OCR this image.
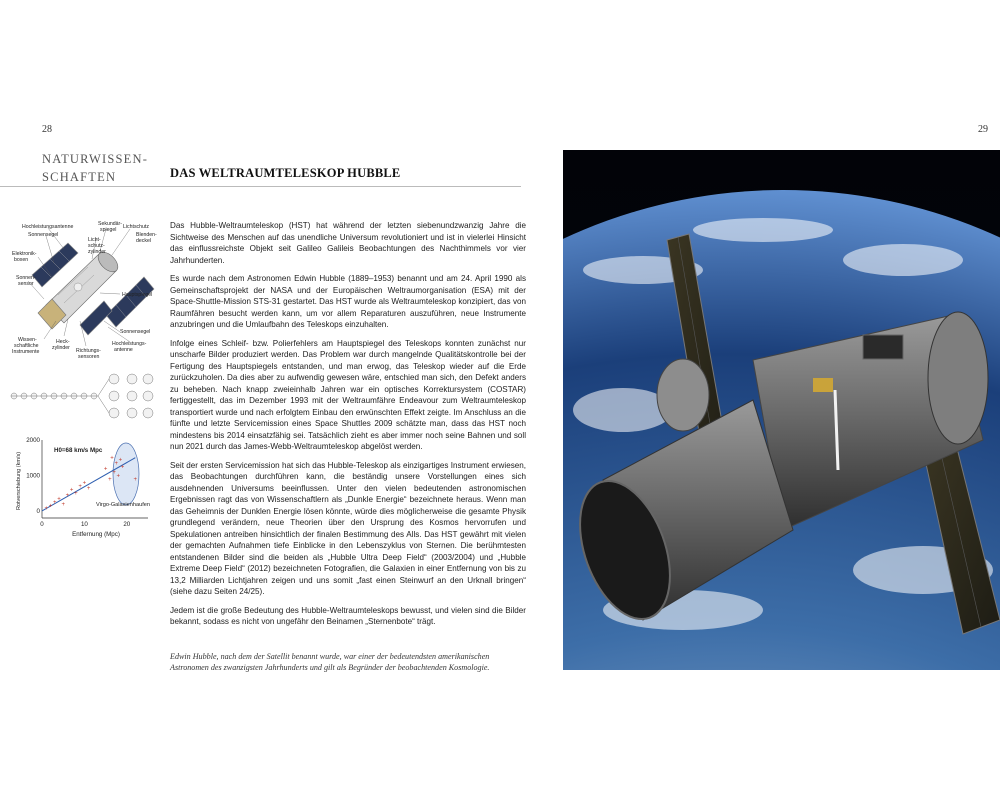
28	29
NATURWISSEN-
SCHAFTEN	DAS WELTRAUMTELESKOP HUBBLE
Hochleistungsantenne
Sonnensegel
Sekundär-
spiegel
Licht-
schutz-
zylinder
Lichtschutz
Blenden-
deckel
Elektronik-
boxen
Sonnen-
sensor
Hauptspiegel
Sonnensegel
Wissen-
schaftliche
Instrumente
Heck-
zylinder Richtungs-
sensoren
Hochleistungs-
antenne
0	10	20
0
1000
2000
Entfernung (Mpc)
Rotverschiebung (km/s)	+ +
+
+
+
+
+
+
+
+
+
+
+
+
+
+
+
+
+
+
H0=68 km/s Mpc
Virgo-Galaxienhaufen

Das Hubble-Weltraumteleskop (HST) hat während der letzten siebenundzwanzig Jahre die Sichtweise des Menschen auf das unendliche Universum revolutioniert und ist in vielerlei Hinsicht das einflussreichste Objekt seit Galileo Galileis Beobachtungen des Nachthimmels vor vier Jahrhunderten.

Es wurde nach dem Astronomen Edwin Hubble (1889–1953) benannt und am 24. April 1990 als Gemeinschaftsprojekt der NASA und der Europäischen Weltraumorganisation (ESA) mit der Space-Shuttle-Mission STS-31 gestartet. Das HST wurde als Weltraumteleskop konzipiert, das von Raumfähren besucht werden kann, um vor allem Reparaturen auszuführen, neue Instrumente anzubringen und die Umlaufbahn des Teleskops einzuhalten.

Infolge eines Schleif- bzw. Polierfehlers am Hauptspiegel des Teleskops konnten zunächst nur unscharfe Bilder produziert werden. Das Problem war durch mangelnde Qualitätskontrolle bei der Fertigung des Hauptspiegels entstanden, und man erwog, das Teleskop wieder auf die Erde zurückzuholen. Da dies aber zu aufwendig gewesen wäre, entschied man sich, den Defekt anders zu beheben. Nach knapp zweieinhalb Jahren war ein optisches Korrektursystem (COSTAR) fertiggestellt, das im Dezember 1993 mit der Weltraumfähre Endeavour zum Weltraumteleskop transportiert wurde und nach erfolgtem Einbau den erwünschten Effekt zeigte. Im Anschluss an die fünfte und letzte Servicemission eines Space Shuttles 2009 schätzte man, dass das HST noch mindestens bis 2014 einsatzfähig sei. Tatsächlich zieht es aber immer noch seine Bahnen und soll nun 2021 durch das James-Webb-Weltraumteleskop abgelöst werden.

Seit der ersten Servicemission hat sich das Hubble-Teleskop als einzigartiges Instrument erwiesen, das Beobachtungen durchführen kann, die beständig unsere Vorstellungen eines sich ausdehnenden Universums beeinflussen. Unter den vielen bedeutenden astronomischen Ergebnissen ragt das von Wissenschaftlern als „Dunkle Energie“ bezeichnete heraus. Wenn man das Geheimnis der Dunklen Energie lösen könnte, würde dies möglicherweise die gesamte Physik grundlegend verändern, neue Theorien über den Ursprung des Kosmos hervorrufen und Spekulationen antreiben hinsichtlich der finalen Bestimmung des Alls. Das HST gewährt mit vielen der gemachten Aufnahmen tiefe Einblicke in den Lebenszyklus von Sternen. Die berühmtesten entstandenen Bilder sind die beiden als „Hubble Ultra Deep Field“ (2003/2004) und „Hubble Extreme Deep Field“ (2012) bezeichneten Fotografien, die Galaxien in einer Entfernung von bis zu 13,2 Milliarden Lichtjahren zeigen und uns somit „fast einen Steinwurf an den Urknall bringen“ (siehe dazu Seiten 24/25).

Jedem ist die große Bedeutung des Hubble-Weltraumteleskops bewusst, und vielen sind die Bilder bekannt, sodass es nicht von ungefähr den Beinamen „Sternenbote“ trägt.

Edwin Hubble, nach dem der Satellit benannt wurde, war einer der bedeutendsten amerikanischen Astronomen des zwanzigsten Jahrhunderts und gilt als Begründer der beobachtenden Kosmologie.
